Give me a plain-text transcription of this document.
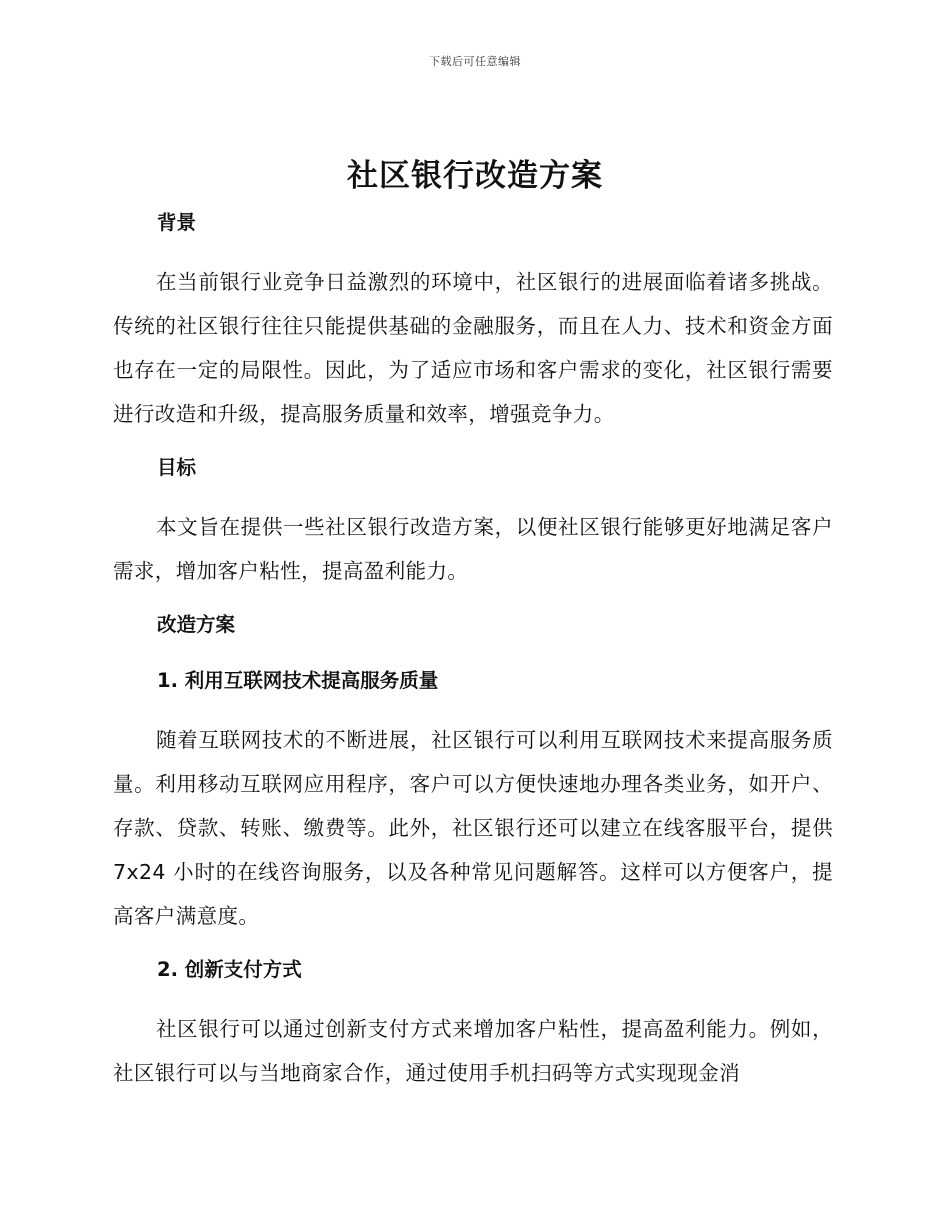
下载后可任意编辑
社区银行改造方案
背景

在当前银行业竞争日益激烈的环境中，社区银行的进展面临着诸多挑战。传统的社区银行往往只能提供基础的金融服务，而且在人力、技术和资金方面也存在一定的局限性。因此，为了适应市场和客户需求的变化，社区银行需要进行改造和升级，提高服务质量和效率，增强竞争力。

目标

本文旨在提供一些社区银行改造方案，以便社区银行能够更好地满足客户需求，增加客户粘性，提高盈利能力。

改造方案
1. 利用互联网技术提高服务质量

随着互联网技术的不断进展，社区银行可以利用互联网技术来提高服务质量。利用移动互联网应用程序，客户可以方便快速地办理各类业务，如开户、存款、贷款、转账、缴费等。此外，社区银行还可以建立在线客服平台，提供 7x24 小时的在线咨询服务，以及各种常见问题解答。这样可以方便客户，提高客户满意度。

2. 创新支付方式

社区银行可以通过创新支付方式来增加客户粘性，提高盈利能力。例如，社区银行可以与当地商家合作，通过使用手机扫码等方式实现现金消
